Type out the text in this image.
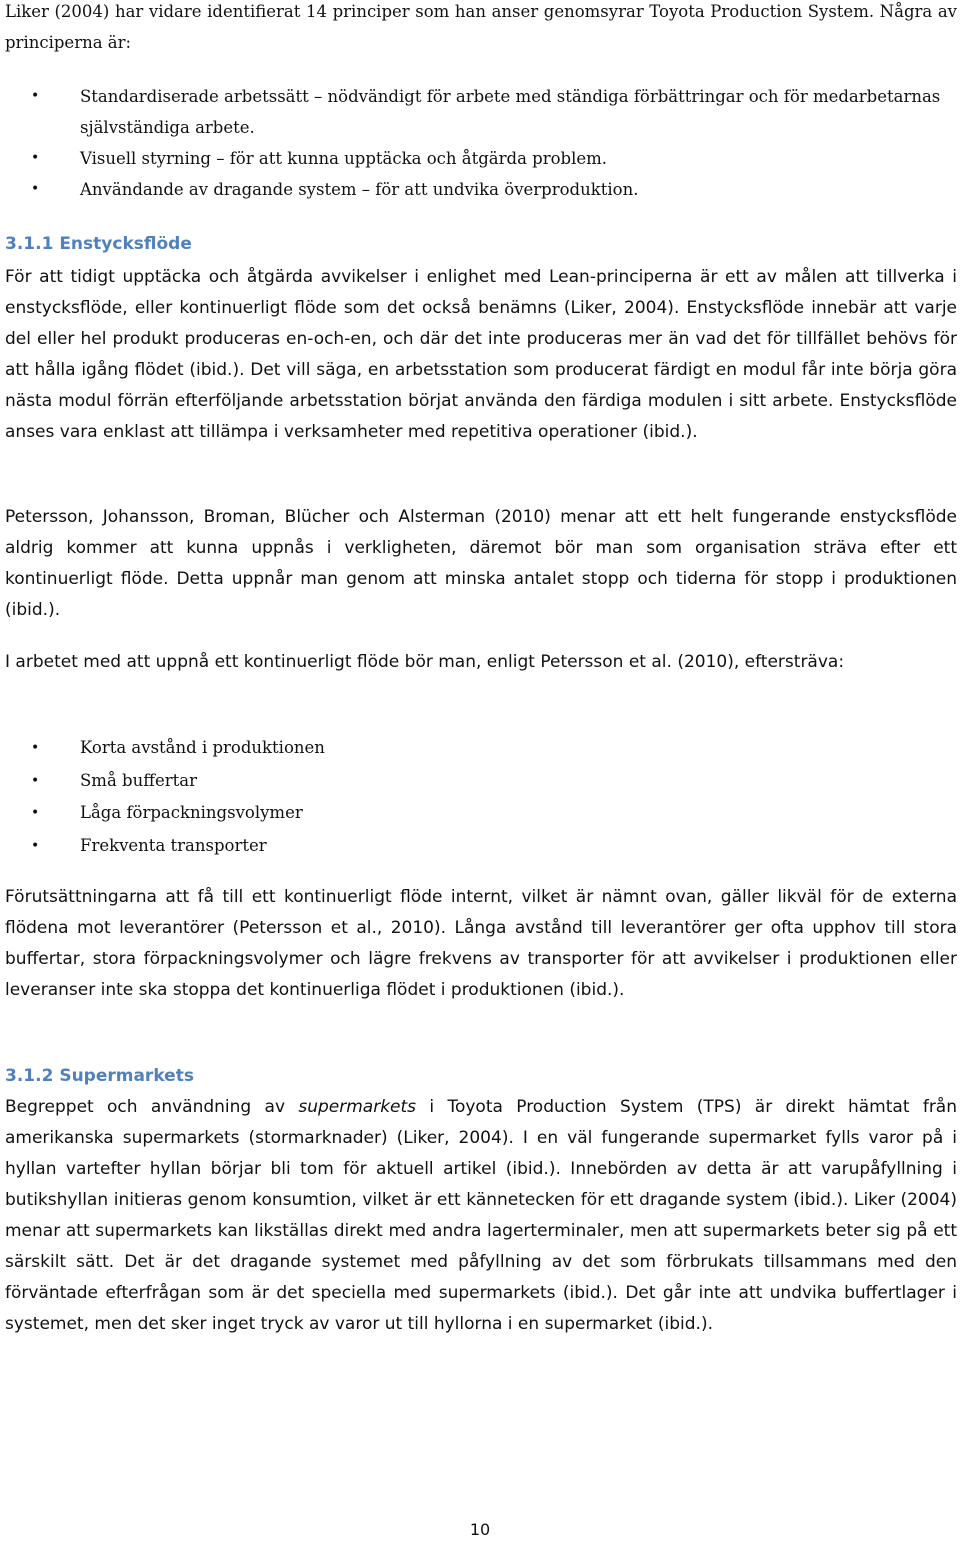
Liker (2004) har vidare identifierat 14 principer som han anser genomsyrar Toyota Production System. Några av principerna är:

• Standardiserade arbetssätt – nödvändigt för arbete med ständiga förbättringar och för medarbetarnas självständiga arbete.
• Visuell styrning – för att kunna upptäcka och åtgärda problem.
• Användande av dragande system – för att undvika överproduktion.
3.1.1 Enstycksflöde

För att tidigt upptäcka och åtgärda avvikelser i enlighet med Lean-principerna är ett av målen att tillverka i enstycksflöde, eller kontinuerligt flöde som det också benämns (Liker, 2004). Enstycksflöde innebär att varje del eller hel produkt produceras en-och-en, och där det inte produceras mer än vad det för tillfället behövs för att hålla igång flödet (ibid.). Det vill säga, en arbetsstation som producerat färdigt en modul får inte börja göra nästa modul förrän efterföljande arbetsstation börjat använda den färdiga modulen i sitt arbete. Enstycksflöde anses vara enklast att tillämpa i verksamheter med repetitiva operationer (ibid.).

Petersson, Johansson, Broman, Blücher och Alsterman (2010) menar att ett helt fungerande enstycksflöde aldrig kommer att kunna uppnås i verkligheten, däremot bör man som organisation sträva efter ett kontinuerligt flöde. Detta uppnår man genom att minska antalet stopp och tiderna för stopp i produktionen (ibid.).

I arbetet med att uppnå ett kontinuerligt flöde bör man, enligt Petersson et al. (2010), eftersträva:

• Korta avstånd i produktionen
• Små buffertar
• Låga förpackningsvolymer
• Frekventa transporter

Förutsättningarna att få till ett kontinuerligt flöde internt, vilket är nämnt ovan, gäller likväl för de externa flödena mot leverantörer (Petersson et al., 2010). Långa avstånd till leverantörer ger ofta upphov till stora buffertar, stora förpackningsvolymer och lägre frekvens av transporter för att avvikelser i produktionen eller leveranser inte ska stoppa det kontinuerliga flödet i produktionen (ibid.).

3.1.2 Supermarkets

Begreppet och användning av supermarkets i Toyota Production System (TPS) är direkt hämtat från amerikanska supermarkets (stormarknader) (Liker, 2004). I en väl fungerande supermarket fylls varor på i hyllan vartefter hyllan börjar bli tom för aktuell artikel (ibid.). Innebörden av detta är att varupåfyllning i butikshyllan initieras genom konsumtion, vilket är ett kännetecken för ett dragande system (ibid.). Liker (2004) menar att supermarkets kan likställas direkt med andra lagerterminaler, men att supermarkets beter sig på ett särskilt sätt. Det är det dragande systemet med påfyllning av det som förbrukats tillsammans med den förväntade efterfrågan som är det speciella med supermarkets (ibid.). Det går inte att undvika buffertlager i systemet, men det sker inget tryck av varor ut till hyllorna i en supermarket (ibid.).

10
